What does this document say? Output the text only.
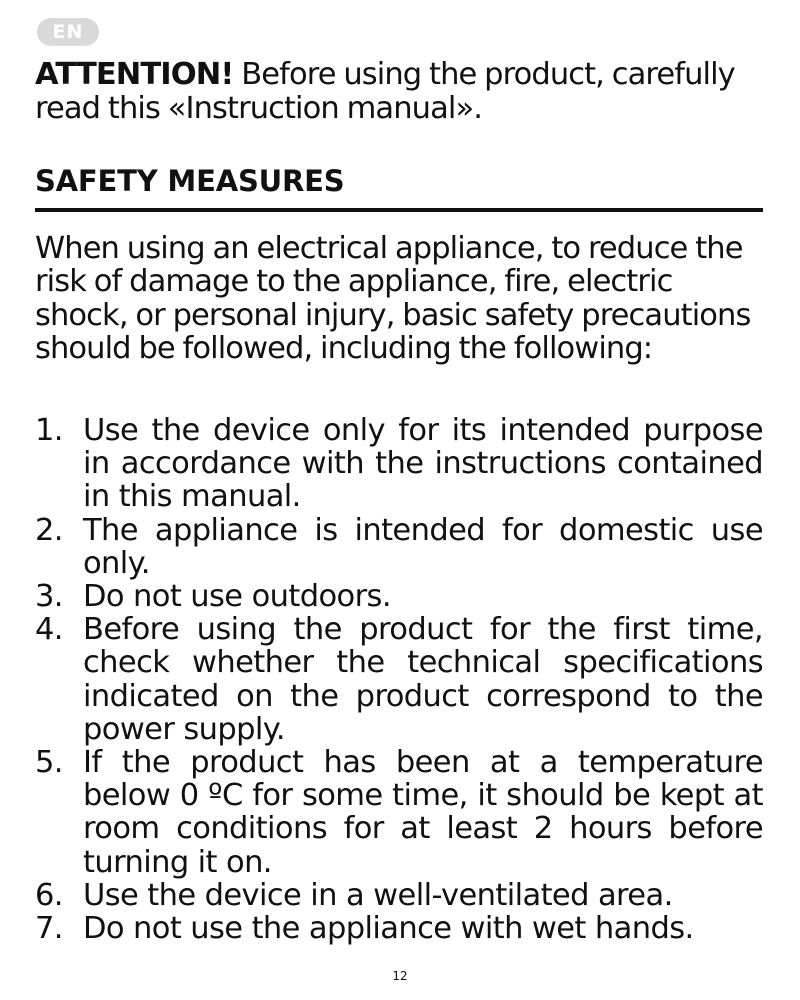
EN
ATTENTION! Before using the product, carefully read this «Instruction manual».
SAFETY MEASURES
When using an electrical appliance, to reduce the risk of damage to the appliance, fire, electric shock, or personal injury, basic safety precautions should be followed, including the following:
1. Use the device only for its intended purpose in accordance with the instructions contained in this manual.
2. The appliance is intended for domestic use only.
3. Do not use outdoors.
4. Before using the product for the first time, check whether the technical specifications indicated on the product correspond to the power supply.
5. If the product has been at a temperature below 0 ºC for some time, it should be kept at room conditions for at least 2 hours before turning it on.
6. Use the device in a well-ventilated area.
7. Do not use the appliance with wet hands.
12
